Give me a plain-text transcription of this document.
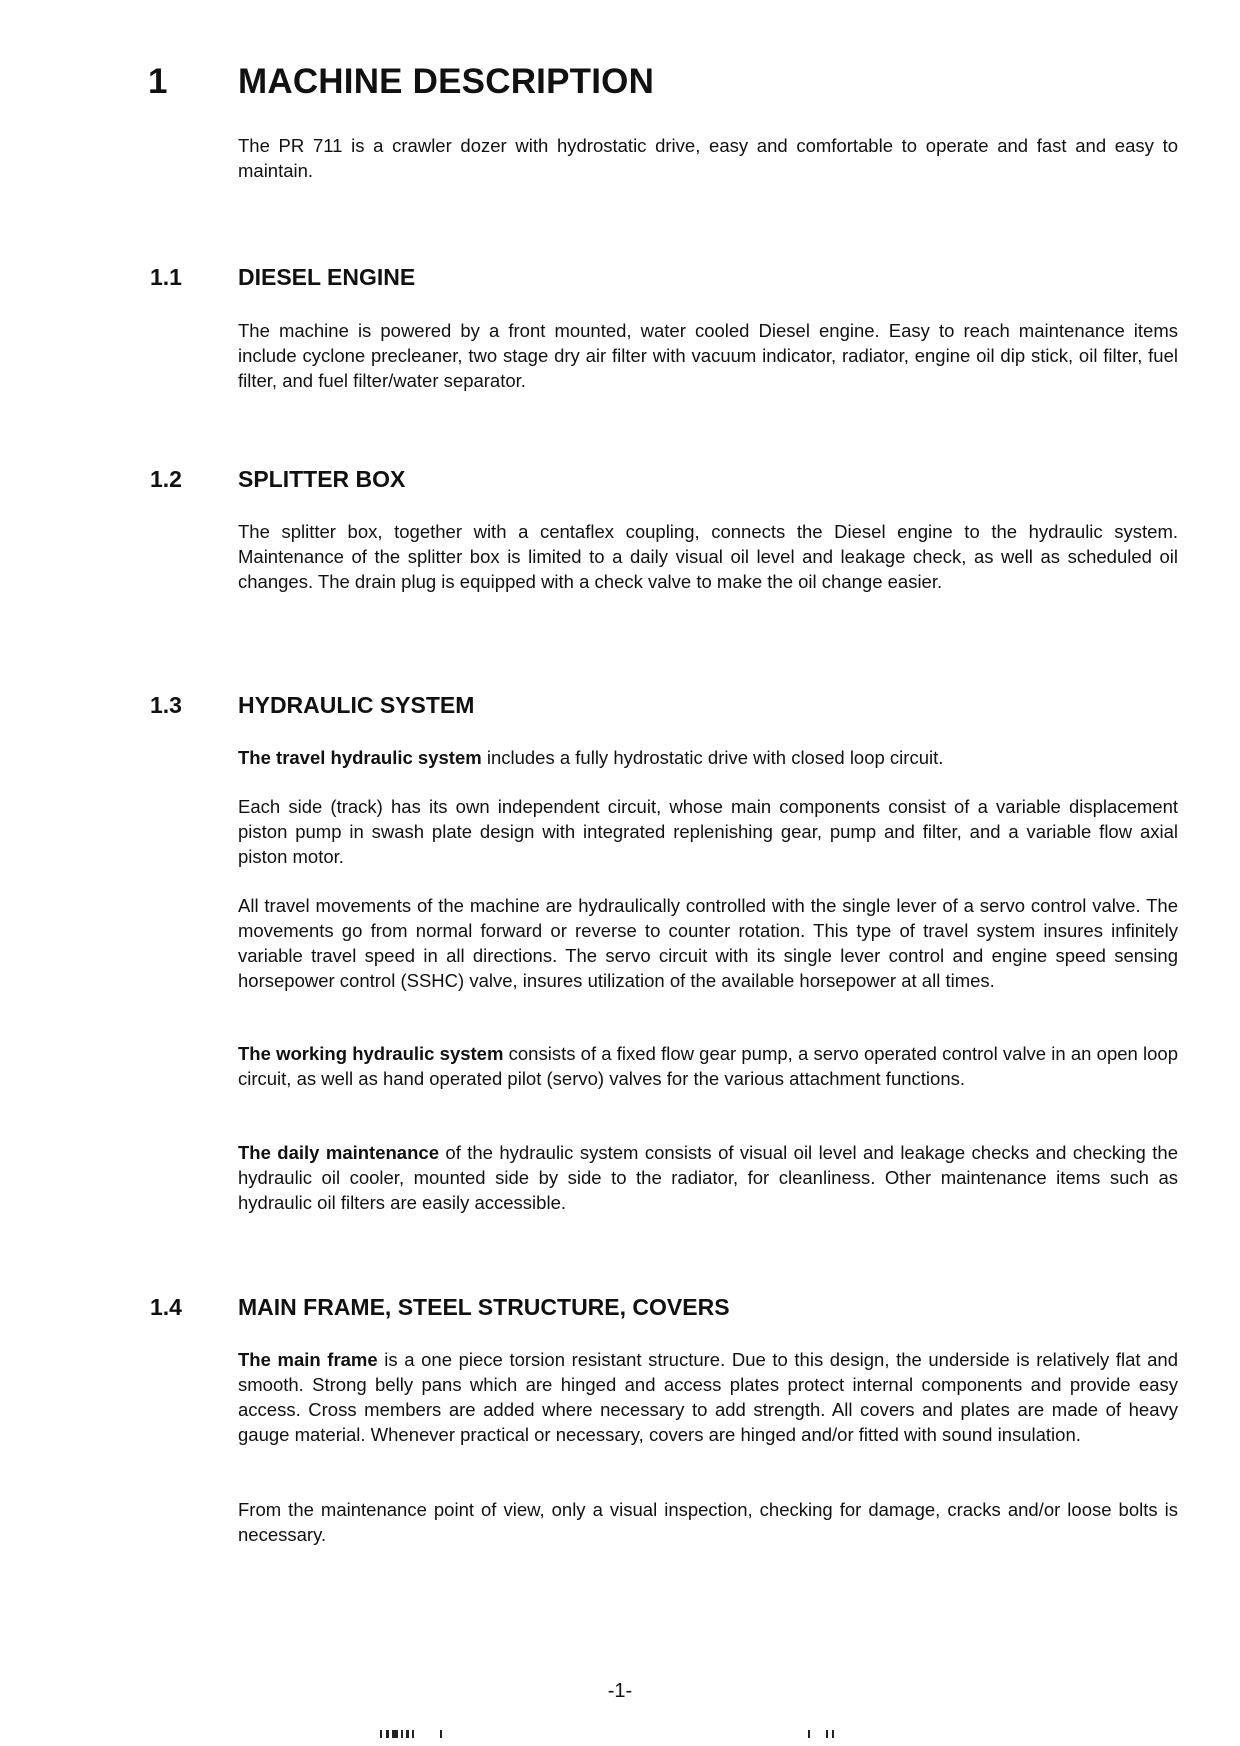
1 MACHINE DESCRIPTION

The PR 711 is a crawler dozer with hydrostatic drive, easy and comfortable to operate and fast and easy to maintain.

1.1 DIESEL ENGINE

The machine is powered by a front mounted, water cooled Diesel engine. Easy to reach maintenance items include cyclone precleaner, two stage dry air filter with vacuum indicator, radiator, engine oil dip stick, oil filter, fuel filter, and fuel filter/water separator.

1.2 SPLITTER BOX

The splitter box, together with a centaflex coupling, connects the Diesel engine to the hydraulic system. Maintenance of the splitter box is limited to a daily visual oil level and leakage check, as well as scheduled oil changes. The drain plug is equipped with a check valve to make the oil change easier.

1.3 HYDRAULIC SYSTEM

The travel hydraulic system includes a fully hydrostatic drive with closed loop circuit.

Each side (track) has its own independent circuit, whose main components consist of a variable displacement piston pump in swash plate design with integrated replenishing gear, pump and filter, and a variable flow axial piston motor.

All travel movements of the machine are hydraulically controlled with the single lever of a servo control valve. The movements go from normal forward or reverse to counter rotation. This type of travel system insures infinitely variable travel speed in all directions. The servo circuit with its single lever control and engine speed sensing horsepower control (SSHC) valve, insures utilization of the available horsepower at all times.

The working hydraulic system consists of a fixed flow gear pump, a servo operated control valve in an open loop circuit, as well as hand operated pilot (servo) valves for the various attachment functions.

The daily maintenance of the hydraulic system consists of visual oil level and leakage checks and checking the hydraulic oil cooler, mounted side by side to the radiator, for cleanliness. Other maintenance items such as hydraulic oil filters are easily accessible.

1.4 MAIN FRAME, STEEL STRUCTURE, COVERS

The main frame is a one piece torsion resistant structure. Due to this design, the underside is relatively flat and smooth. Strong belly pans which are hinged and access plates protect internal components and provide easy access. Cross members are added where necessary to add strength. All covers and plates are made of heavy gauge material. Whenever practical or necessary, covers are hinged and/or fitted with sound insulation.

From the maintenance point of view, only a visual inspection, checking for damage, cracks and/or loose bolts is necessary.

-1-
